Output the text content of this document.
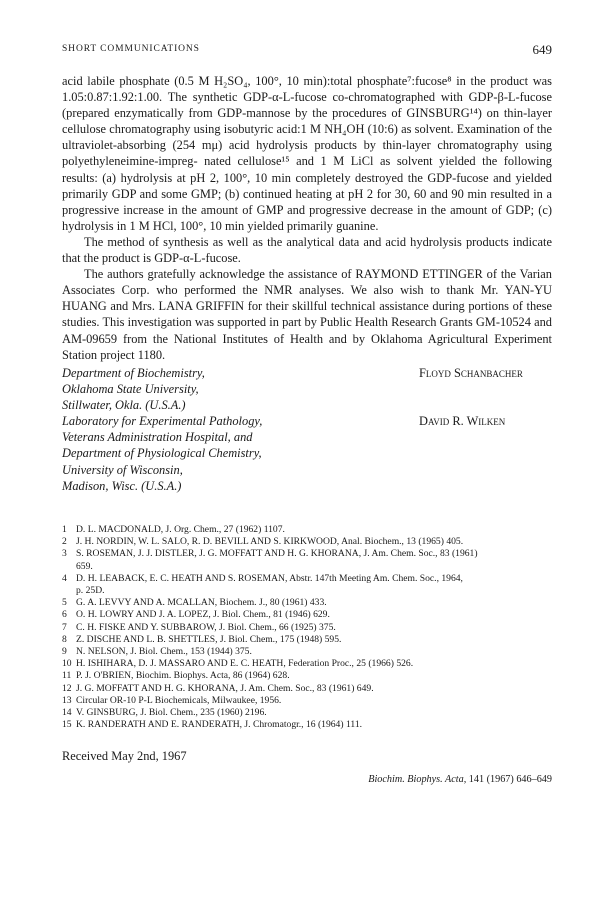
SHORT COMMUNICATIONS	649

acid labile phosphate (0.5 M H₂SO₄, 100°, 10 min):total phosphate⁷:fucose⁸ in the product was 1.05:0.87:1.92:1.00. The synthetic GDP-α-L-fucose co-chromatographed with GDP-β-L-fucose (prepared enzymatically from GDP-mannose by the procedures of GINSBURG¹⁴) on thin-layer cellulose chromatography using isobutyric acid:1 M NH₄OH (10:6) as solvent. Examination of the ultraviolet-absorbing (254 mμ) acid hydrolysis products by thin-layer chromatography using polyethyleneimine-impreg- nated cellulose¹⁵ and 1 M LiCl as solvent yielded the following results: (a) hydrolysis at pH 2, 100°, 10 min completely destroyed the GDP-fucose and yielded primarily GDP and some GMP; (b) continued heating at pH 2 for 30, 60 and 90 min resulted in a progressive increase in the amount of GMP and progressive decrease in the amount of GDP; (c) hydrolysis in 1 M HCl, 100°, 10 min yielded primarily guanine.

The method of synthesis as well as the analytical data and acid hydrolysis products indicate that the product is GDP-α-L-fucose.

The authors gratefully acknowledge the assistance of RAYMOND ETTINGER of the Varian Associates Corp. who performed the NMR analyses. We also wish to thank Mr. YAN-YU HUANG and Mrs. LANA GRIFFIN for their skillful technical assistance during portions of these studies. This investigation was supported in part by Public Health Research Grants GM-10524 and AM-09659 from the National Institutes of Health and by Oklahoma Agricultural Experiment Station project 1180.

Department of Biochemistry,	Floyd Schanbacher
Oklahoma State University,
Stillwater, Okla. (U.S.A.)
Laboratory for Experimental Pathology,	David R. Wilken
Veterans Administration Hospital, and
Department of Physiological Chemistry,
University of Wisconsin,
Madison, Wisc. (U.S.A.)
1 D. L. MACDONALD, J. Org. Chem., 27 (1962) 1107.
2 J. H. NORDIN, W. L. SALO, R. D. BEVILL AND S. KIRKWOOD, Anal. Biochem., 13 (1965) 405.
3 S. ROSEMAN, J. J. DISTLER, J. G. MOFFATT AND H. G. KHORANA, J. Am. Chem. Soc., 83 (1961)
659.
4 D. H. LEABACK, E. C. HEATH AND S. ROSEMAN, Abstr. 147th Meeting Am. Chem. Soc., 1964,
p. 25D.
5 G. A. LEVVY AND A. MCALLAN, Biochem. J., 80 (1961) 433.
6 O. H. LOWRY AND J. A. LOPEZ, J. Biol. Chem., 81 (1946) 629.
7 C. H. FISKE AND Y. SUBBAROW, J. Biol. Chem., 66 (1925) 375.
8 Z. DISCHE AND L. B. SHETTLES, J. Biol. Chem., 175 (1948) 595.
9 N. NELSON, J. Biol. Chem., 153 (1944) 375.
10 H. ISHIHARA, D. J. MASSARO AND E. C. HEATH, Federation Proc., 25 (1966) 526.
11 P. J. O'BRIEN, Biochim. Biophys. Acta, 86 (1964) 628.
12 J. G. MOFFATT AND H. G. KHORANA, J. Am. Chem. Soc., 83 (1961) 649.
13 Circular OR-10 P-L Biochemicals, Milwaukee, 1956.
14 V. GINSBURG, J. Biol. Chem., 235 (1960) 2196.
15 K. RANDERATH AND E. RANDERATH, J. Chromatogr., 16 (1964) 111.
Received May 2nd, 1967
Biochim. Biophys. Acta, 141 (1967) 646–649
